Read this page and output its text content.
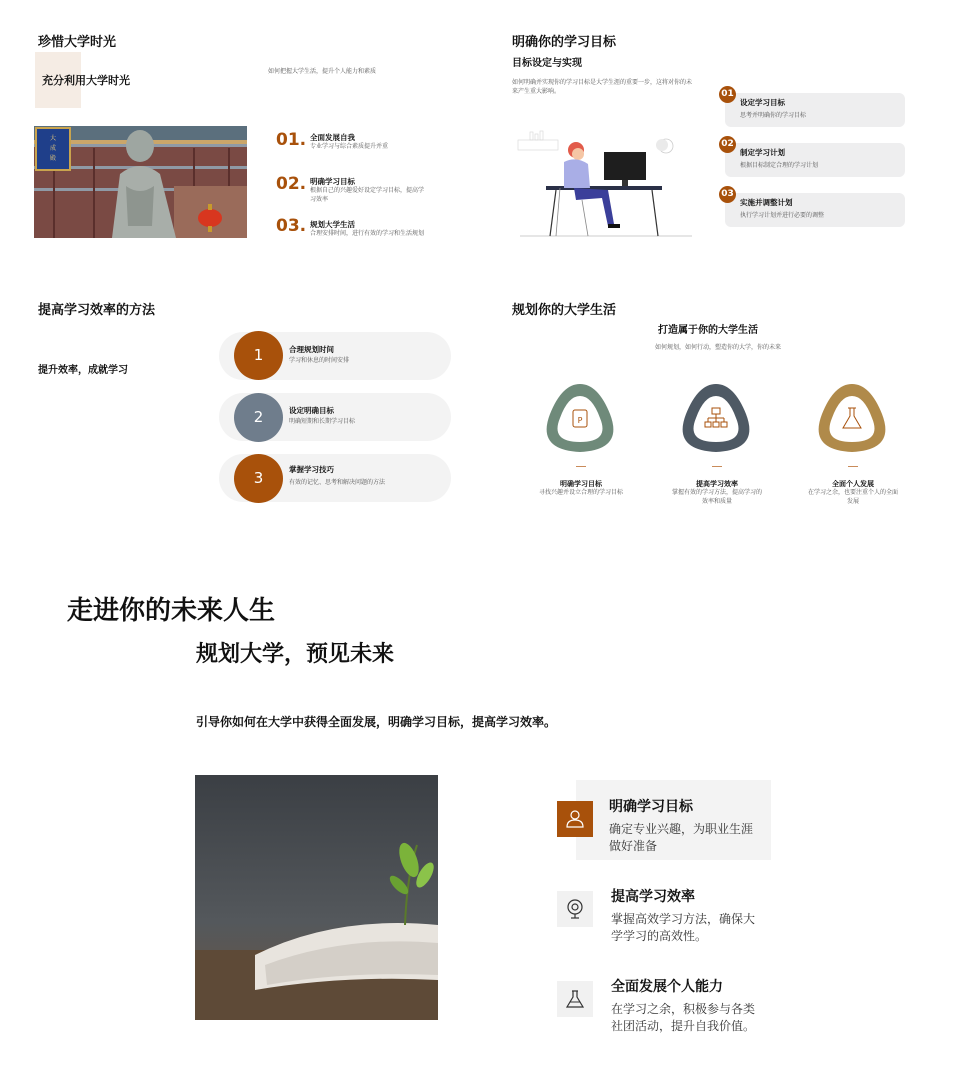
珍惜大学时光
充分利用大学时光
如何把握大学生活，提升个人能力和素质
大
成
殿
01. 全面发展自我
专业学习与综合素质提升并重
02. 明确学习目标
根据自己的兴趣爱好设定学习目标，提高学习效率
03. 规划大学生活
合理安排时间，进行有效的学习和生活规划
明确你的学习目标
目标设定与实现
如何明确并实现你的学习目标是大学生涯的重要一步，这将对你的未来产生重大影响。	01
设定学习目标
思考并明确你的学习目标
02
制定学习计划
根据目标制定合理的学习计划
03
实施并调整计划
执行学习计划并进行必要的调整
提高学习效率的方法
提升效率，成就学习
1	合理规划时间
学习和休息的时间安排
2	设定明确目标
明确短期和长期学习目标
3	掌握学习技巧
有效的记忆、思考和解决问题的方法
规划你的大学生活
打造属于你的大学生活
如何规划，如何行动，塑造你的大学，你的未来
P
明确学习目标
寻找兴趣并设立合理的学习目标
提高学习效率
掌握有效的学习方法，提高学习的效率和质量
全面个人发展
在学习之余，也要注重个人的全面发展
走进你的未来人生
规划大学，预见未来
引导你如何在大学中获得全面发展，明确学习目标，提高学习效率。
明确学习目标
确定专业兴趣，为职业生涯做好准备
提高学习效率
掌握高效学习方法，确保大学学习的高效性。
全面发展个人能力
在学习之余，积极参与各类社团活动，提升自我价值。
